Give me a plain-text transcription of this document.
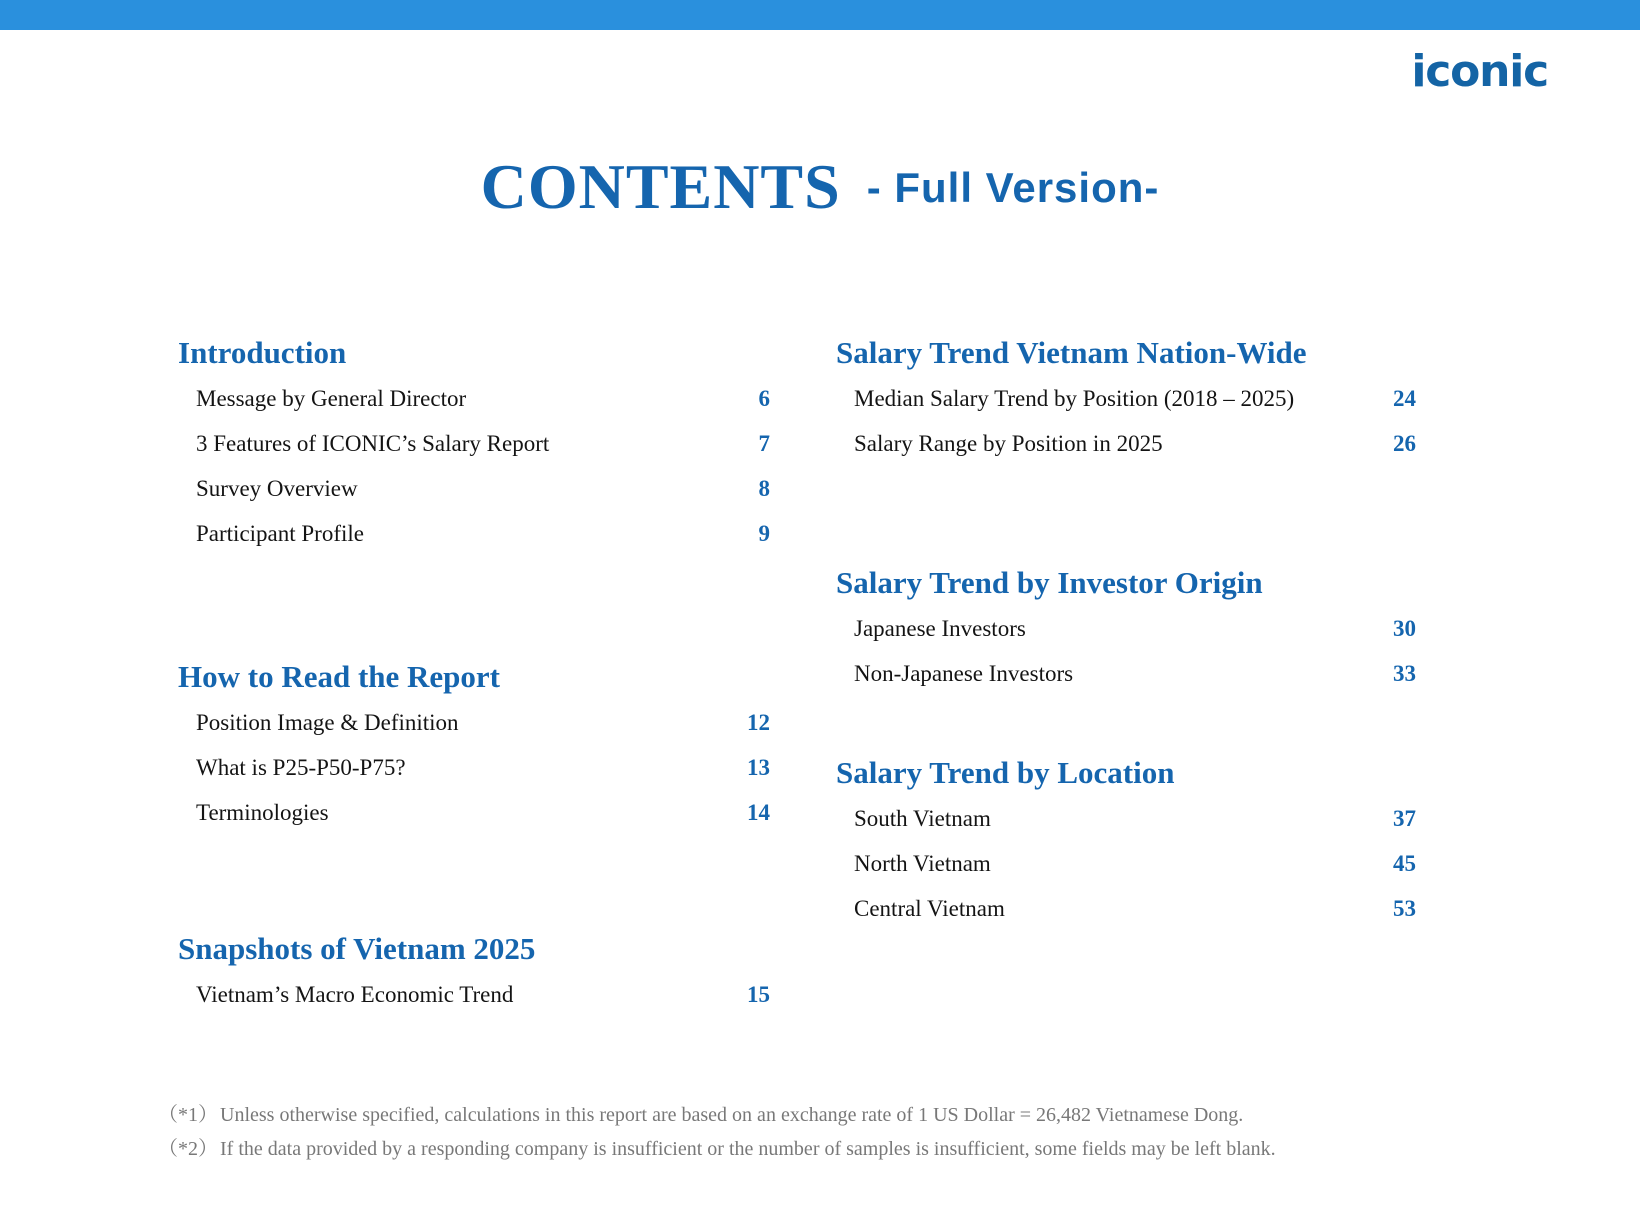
iconic
CONTENTS - Full Version-
Introduction
Message by General Director	6
3 Features of ICONIC’s Salary Report	7
Survey Overview	8
Participant Profile	9
How to Read the Report
Position Image & Definition	12
What is P25-P50-P75?	13
Terminologies	14
Snapshots of Vietnam 2025
Vietnam’s Macro Economic Trend	15
Salary Trend Vietnam Nation-Wide
Median Salary Trend by Position (2018 – 2025)	24
Salary Range by Position in 2025	26
Salary Trend by Investor Origin
Japanese Investors	30
Non-Japanese Investors	33
Salary Trend by Location
South Vietnam	37
North Vietnam	45
Central Vietnam	53
（*1） Unless otherwise specified, calculations in this report are based on an exchange rate of 1 US Dollar = 26,482 Vietnamese Dong.
（*2） If the data provided by a responding company is insufficient or the number of samples is insufficient, some fields may be left blank.
